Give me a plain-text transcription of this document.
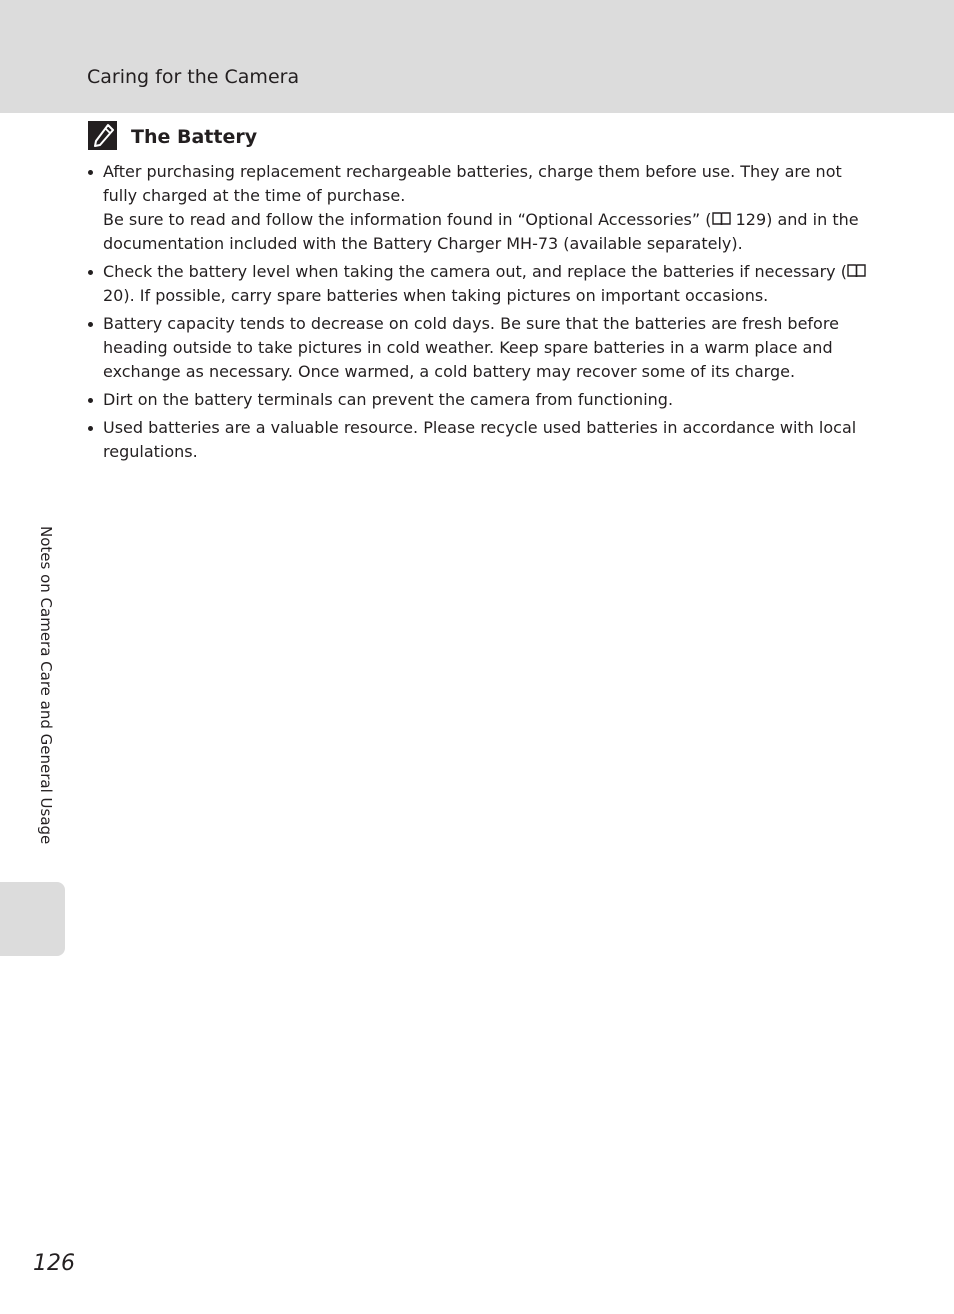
Caring for the Camera
The Battery
After purchasing replacement rechargeable batteries, charge them before use. They are not fully charged at the time of purchase.
Be sure to read and follow the information found in “Optional Accessories” ( 129) and in the documentation included with the Battery Charger MH-73 (available separately).
Check the battery level when taking the camera out, and replace the batteries if necessary ( 20). If possible, carry spare batteries when taking pictures on important occasions.
Battery capacity tends to decrease on cold days. Be sure that the batteries are fresh before heading outside to take pictures in cold weather. Keep spare batteries in a warm place and exchange as necessary. Once warmed, a cold battery may recover some of its charge.
Dirt on the battery terminals can prevent the camera from functioning.
Used batteries are a valuable resource. Please recycle used batteries in accordance with local regulations.
Notes on Camera Care and General Usage
126
